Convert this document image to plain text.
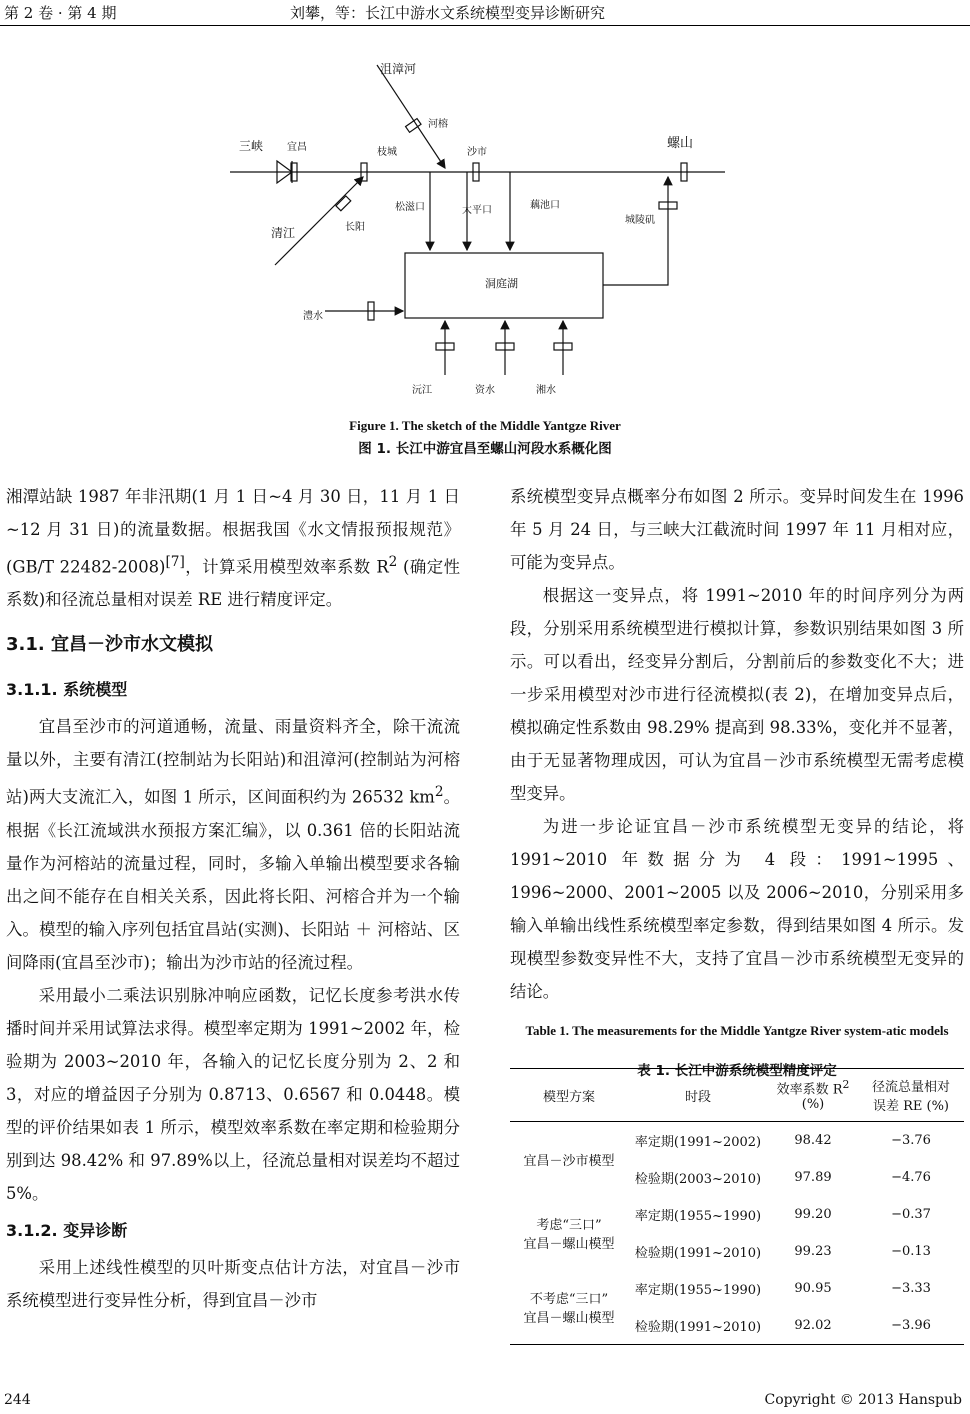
第 2 卷 · 第 4 期	刘攀，等：长江中游水文系统模型变异诊断研究
沮漳河
河榕
三峡 宜昌	枝城	沙市
螺山
清江	长阳
松滋口	太平口	藕池口
城陵矶
洞庭湖
澧水
沅江	资水	湘水
Figure 1. The sketch of the Middle Yantgze River
图 1. 长江中游宜昌至螺山河段水系概化图

湘潭站缺 1987 年非汛期(1 月 1 日~4 月 30 日，11 月 1 日~12 月 31 日)的流量数据。根据我国《水文情报预报规范》(GB/T 22482-2008)[7]，计算采用模型效率系数 $R^2$ (确定性系数)和径流总量相对误差 RE 进行精度评定。

3.1. 宜昌－沙市水文模拟

3.1.1. 系统模型

宜昌至沙市的河道通畅，流量、雨量资料齐全，除干流流量以外，主要有清江(控制站为长阳站)和沮漳河(控制站为河榕站)两大支流汇入，如图 1 所示，区间面积约为 26532 $km^2$。根据《长江流域洪水预报方案汇编》，以 0.361 倍的长阳站流量作为河榕站的流量过程，同时，多输入单输出模型要求各输出之间不能存在自相关关系，因此将长阳、河榕合并为一个输入。模型的输入序列包括宜昌站(实测)、长阳站 ＋ 河榕站、区间降雨(宜昌至沙市)；输出为沙市站的径流过程。

采用最小二乘法识别脉冲响应函数，记忆长度参考洪水传播时间并采用试算法求得。模型率定期为 1991~2002 年，检验期为 2003~2010 年，各输入的记忆长度分别为 2、2 和 3，对应的增益因子分别为 0.8713、0.6567 和 0.0448。模型的评价结果如表 1 所示，模型效率系数在率定期和检验期分别到达 98.42% 和 97.89%以上，径流总量相对误差均不超过 5%。

3.1.2. 变异诊断

采用上述线性模型的贝叶斯变点估计方法，对宜昌－沙市系统模型进行变异性分析，得到宜昌－沙市

系统模型变异点概率分布如图 2 所示。变异时间发生在 1996 年 5 月 24 日，与三峡大江截流时间 1997 年 11 月相对应，可能为变异点。

根据这一变异点，将 1991~2010 年的时间序列分为两段，分别采用系统模型进行模拟计算，参数识别结果如图 3 所示。可以看出，经变异分割后，分割前后的参数变化不大；进一步采用模型对沙市进行径流模拟(表 2)，在增加变异点后，模拟确定性系数由 98.29% 提高到 98.33%，变化并不显著，由于无显著物理成因，可认为宜昌－沙市系统模型无需考虑模型变异。

为进一步论证宜昌－沙市系统模型无变异的结论，将 1991~2010 年数据分为 4 段：1991~1995、1996~2000、2001~2005 以及 2006~2010，分别采用多输入单输出线性系统模型率定参数，得到结果如图 4 所示。发现模型参数变异性不大，支持了宜昌－沙市系统模型无变异的结论。

Table 1. The measurements for the Middle Yantgze River system-atic models
表 1. 长江中游系统模型精度评定
模型方案	时段	效率系数 $R^2$
(%)	径流总量相对
误差 RE (%)
宜昌－沙市模型	率定期(1991~2002)	98.42	−3.76
	检验期(2003~2010)	97.89	−4.76
考虑“三口”
宜昌－螺山模型	率定期(1955~1990)	99.20	−0.37
	检验期(1991~2010)	99.23	−0.13
不考虑“三口”
宜昌－螺山模型	率定期(1955~1990)	90.95	−3.33
	检验期(1991~2010)	92.02	−3.96
244	Copyright © 2013 Hanspub
